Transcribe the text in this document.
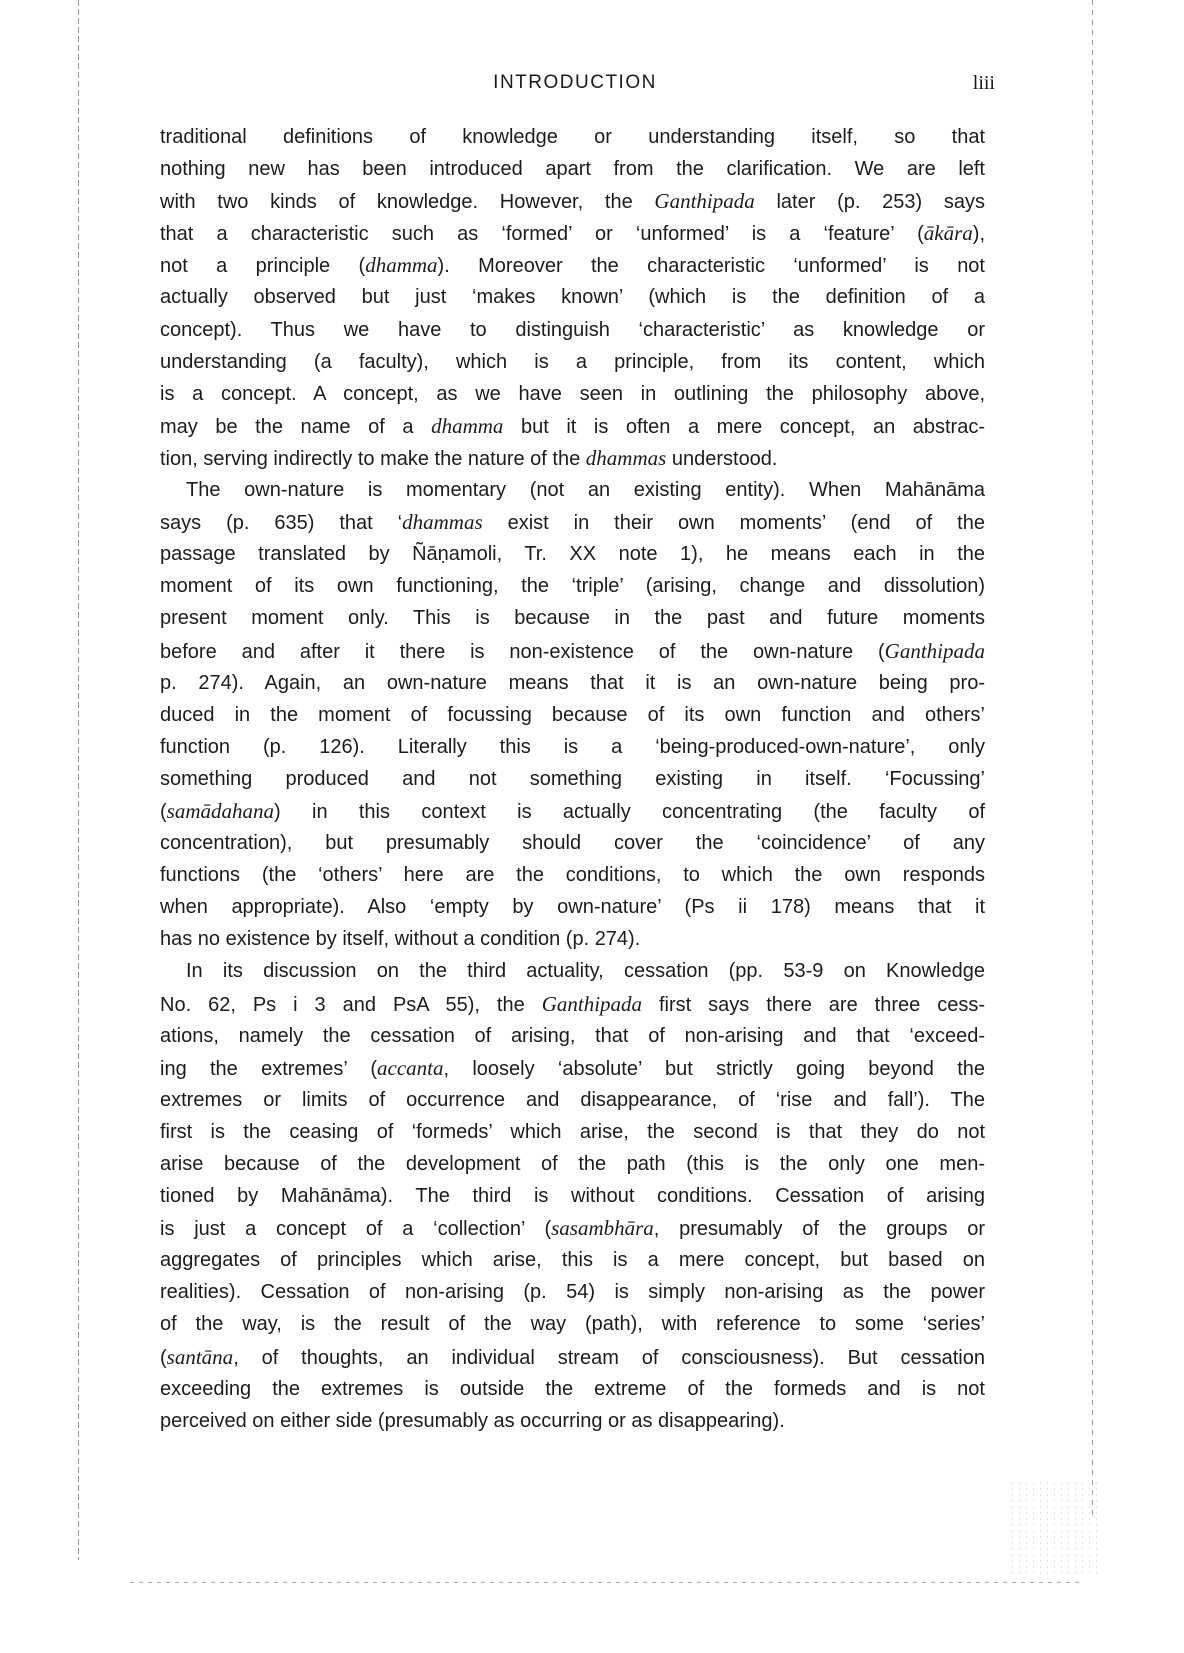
INTRODUCTION	liii
traditional definitions of knowledge or understanding itself, so that
nothing new has been introduced apart from the clarification. We are left
with two kinds of knowledge. However, the Ganthipada later (p. 253) says
that a characteristic such as ‘formed’ or ‘unformed’ is a ‘feature’ (ākāra),
not a principle (dhamma). Moreover the characteristic ‘unformed’ is not
actually observed but just ‘makes known’ (which is the definition of a
concept). Thus we have to distinguish ‘characteristic’ as knowledge or
understanding (a faculty), which is a principle, from its content, which
is a concept. A concept, as we have seen in outlining the philosophy above,
may be the name of a dhamma but it is often a mere concept, an abstrac-
tion, serving indirectly to make the nature of the dhammas understood.
The own-nature is momentary (not an existing entity). When Mahānāma
says (p. 635) that ‘dhammas exist in their own moments’ (end of the
passage translated by Ñāṇamoli, Tr. XX note 1), he means each in the
moment of its own functioning, the ‘triple’ (arising, change and dissolution)
present moment only. This is because in the past and future moments
before and after it there is non-existence of the own-nature (Ganthipada
p. 274). Again, an own-nature means that it is an own-nature being pro-
duced in the moment of focussing because of its own function and others’
function (p. 126). Literally this is a ‘being-produced-own-nature’, only
something produced and not something existing in itself. ‘Focussing’
(samādahana) in this context is actually concentrating (the faculty of
concentration), but presumably should cover the ‘coincidence’ of any
functions (the ‘others’ here are the conditions, to which the own responds
when appropriate). Also ‘empty by own-nature’ (Ps ii 178) means that it
has no existence by itself, without a condition (p. 274).
In its discussion on the third actuality, cessation (pp. 53-9 on Knowledge
No. 62, Ps i 3 and PsA 55), the Ganthipada first says there are three cess-
ations, namely the cessation of arising, that of non-arising and that ‘exceed-
ing the extremes’ (accanta, loosely ‘absolute’ but strictly going beyond the
extremes or limits of occurrence and disappearance, of ‘rise and fall’). The
first is the ceasing of ‘formeds’ which arise, the second is that they do not
arise because of the development of the path (this is the only one men-
tioned by Mahānāma). The third is without conditions. Cessation of arising
is just a concept of a ‘collection’ (sasambhāra, presumably of the groups or
aggregates of principles which arise, this is a mere concept, but based on
realities). Cessation of non-arising (p. 54) is simply non-arising as the power
of the way, is the result of the way (path), with reference to some ‘series’
(santāna, of thoughts, an individual stream of consciousness). But cessation
exceeding the extremes is outside the extreme of the formeds and is not
perceived on either side (presumably as occurring or as disappearing).
